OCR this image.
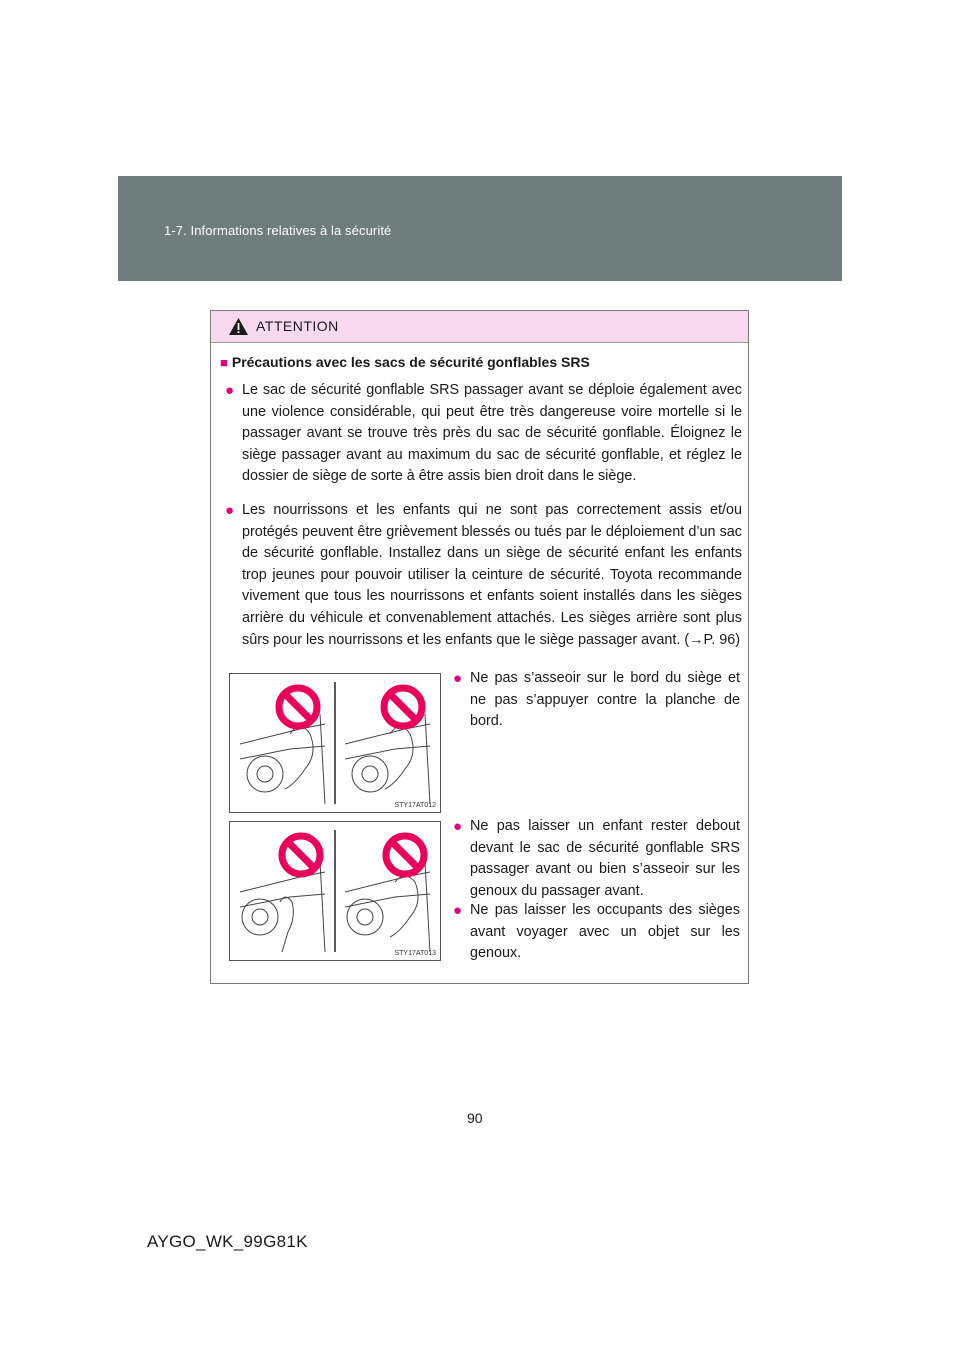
1-7. Informations relatives à la sécurité
ATTENTION
■ Précautions avec les sacs de sécurité gonflables SRS
● Le sac de sécurité gonflable SRS passager avant se déploie également avec une violence considérable, qui peut être très dangereuse voire mortelle si le passager avant se trouve très près du sac de sécurité gonflable. Éloignez le siège passager avant au maximum du sac de sécurité gonflable, et réglez le dossier de siège de sorte à être assis bien droit dans le siège.
● Les nourrissons et les enfants qui ne sont pas correctement assis et/ou protégés peuvent être grièvement blessés ou tués par le déploiement d’un sac de sécurité gonflable. Installez dans un siège de sécurité enfant les enfants trop jeunes pour pouvoir utiliser la ceinture de sécurité. Toyota recommande vivement que tous les nourrissons et enfants soient installés dans les sièges arrière du véhicule et convenablement attachés. Les sièges arrière sont plus sûrs pour les nourrissons et les enfants que le siège passager avant. (→P. 96)
STY17AT012
● Ne pas s’asseoir sur le bord du siège et ne pas s’appuyer contre la planche de bord.
STY17AT013
● Ne pas laisser un enfant rester debout devant le sac de sécurité gonflable SRS passager avant ou bien s’asseoir sur les genoux du passager avant.
● Ne pas laisser les occupants des sièges avant voyager avec un objet sur les genoux.
90
AYGO_WK_99G81K
